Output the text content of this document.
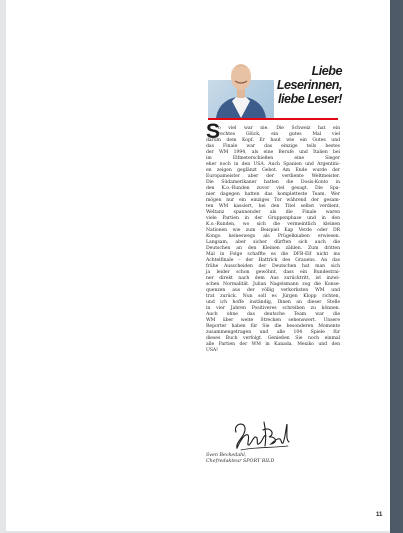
Liebe
Leserinnen,
liebe Leser!
S
o viel war nie. Die Schweiz hat ein
rechtes Glück, ein gutes Mal viel
darum dem Kopf. Er haut wie ein Gutes und
das Finale war das einzige teils bestes
der WM 1994, als eine Berufe und Italien bei
im Elfmeterschießen eine Sieger
eher noch in den USA. Auch Spanien und Argentini-
en zeigen geglänzt Gebot. Am Ende wurde der
Europameister aber der verdiente Weltmeister.
Die Südamerikaner hatten die Dosis-Konto in
den K.o.-Runden zuvor viel gesagt. Die Spa-
nier dagegen hatten das kompletteste Team. Wer
mögen nur ein einziges Tor während der gesam-
ten WM kassiert, bei den Titel selbst verdient.
Weltanz spannender als die Finale waren
viele Partien in der Gruppenphase und in den
K.o.-Runden, wo sich die vermeintlich kleinen
Nationen wie zum Beispiel Kap Verde oder DR
Kongo keineswegs als Prügelknaben erwiesen.
Langsam, aber sicher dürften sich auch die
Deutschen an den Kleinen zählen. Zum dritten
Mal in Folge schaffte es die DFB-Elf nicht ins
Achtelfinale – der Hattrick des Grauens. An das
frühe Ausscheiden der Deutschen hat man sich
ja leider schon gewöhnt, dass ein Bundestrai-
ner direkt nach dem Aus zurücktritt, ist inzwi-
schen Normalität. Julian Nagelsmann zog die Konse-
quenzen aus der völlig verkorksten WM und
trat zurück. Nun soll es Jürgen Klopp richten,
und ich hoffe inständig, Ihnen an dieser Stelle
in vier Jahren Positiveres schreiben zu können.
Auch ohne das deutsche Team war die
WM über weite Strecken sehenswert. Unsere
Reporter haben für Sie die besonderen Momente
zusammengetragen und alle 104 Spiele für
dieses Buch verfolgt. Genießen Sie noch einmal
alle Partien der WM in Kanada, Mexiko und den
USA!
Sven Beckedahl,
Chefredakteur SPORT BILD
11
